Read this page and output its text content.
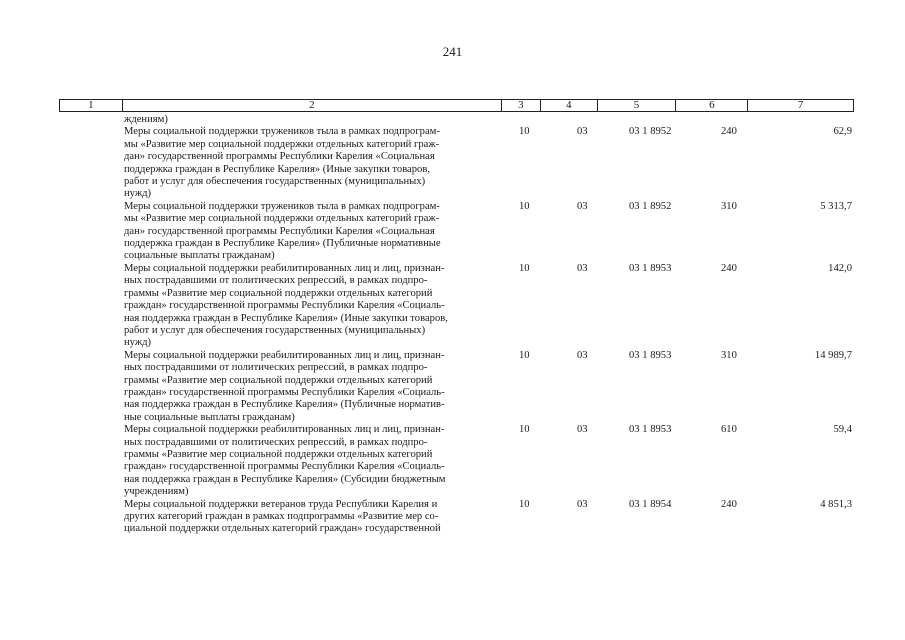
241
1	2	3	4	5	6	7
ждениям)
Меры социальной поддержки тружеников тыла в рамках подпрограм-
мы «Развитие мер социальной поддержки отдельных категорий граж-
дан» государственной программы Республики Карелия «Социальная
поддержка граждан в Республике Карелия» (Иные закупки товаров,
работ и услуг для обеспечения государственных (муниципальных)
нужд)
10	03	03 1 8952	240	62,9
Меры социальной поддержки тружеников тыла в рамках подпрограм-
мы «Развитие мер социальной поддержки отдельных категорий граж-
дан» государственной программы Республики Карелия «Социальная
поддержка граждан в Республике Карелия» (Публичные нормативные
социальные выплаты гражданам)
10	03	03 1 8952	310	5 313,7
Меры социальной поддержки реабилитированных лиц и лиц, признан-
ных пострадавшими от политических репрессий, в рамках подпро-
граммы «Развитие мер социальной поддержки отдельных категорий
граждан» государственной программы Республики Карелия «Социаль-
ная поддержка граждан в Республике Карелия» (Иные закупки товаров,
работ и услуг для обеспечения государственных (муниципальных)
нужд)
10	03	03 1 8953	240	142,0
Меры социальной поддержки реабилитированных лиц и лиц, признан-
ных пострадавшими от политических репрессий, в рамках подпро-
граммы «Развитие мер социальной поддержки отдельных категорий
граждан» государственной программы Республики Карелия «Социаль-
ная поддержка граждан в Республике Карелия» (Публичные норматив-
ные социальные выплаты гражданам)
10	03	03 1 8953	310	14 989,7
Меры социальной поддержки реабилитированных лиц и лиц, признан-
ных пострадавшими от политических репрессий, в рамках подпро-
граммы «Развитие мер социальной поддержки отдельных категорий
граждан» государственной программы Республики Карелия «Социаль-
ная поддержка граждан в Республике Карелия» (Субсидии бюджетным
учреждениям)
10	03	03 1 8953	610	59,4
Меры социальной поддержки ветеранов труда Республики Карелия и
других категорий граждан в рамках подпрограммы «Развитие мер со-
циальной поддержки отдельных категорий граждан» государственной
10	03	03 1 8954	240	4 851,3
